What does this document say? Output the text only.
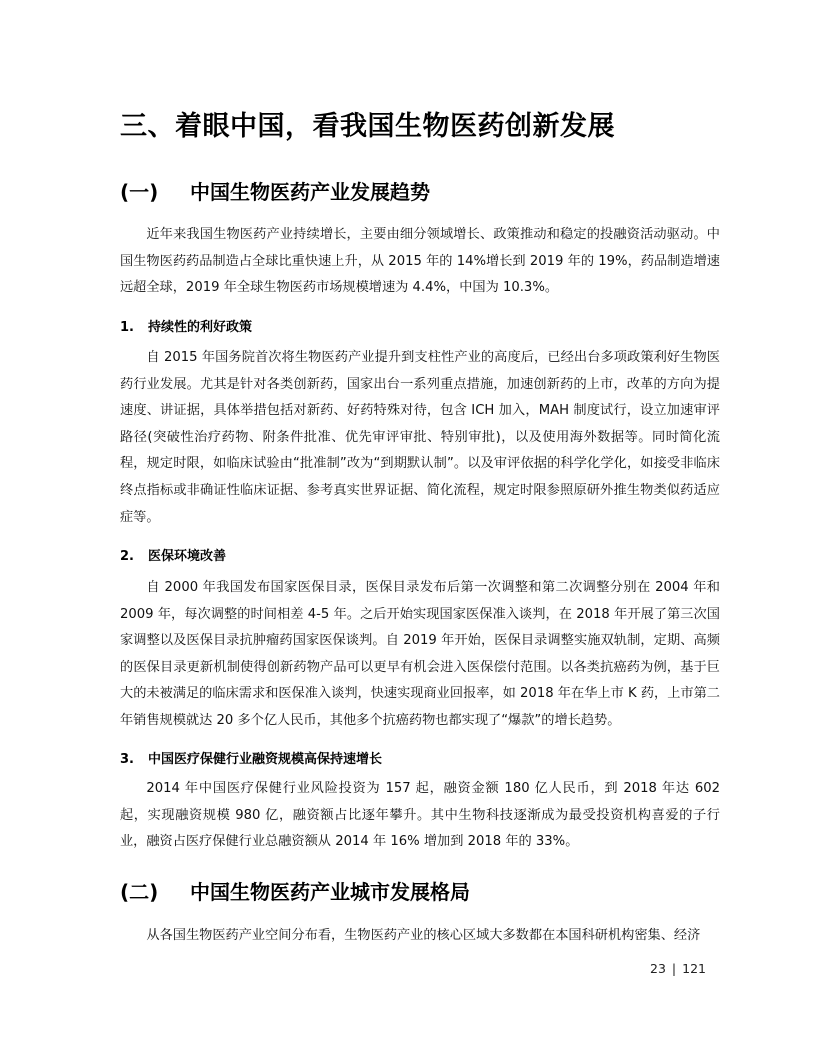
三、着眼中国，看我国生物医药创新发展
(一) 中国生物医药产业发展趋势

近年来我国生物医药产业持续增长，主要由细分领域增长、政策推动和稳定的投融资活动驱动。中国生物医药药品制造占全球比重快速上升，从 2015 年的 14%增长到 2019 年的 19%，药品制造增速远超全球，2019 年全球生物医药市场规模增速为 4.4%，中国为 10.3%。

1. 持续性的利好政策

自 2015 年国务院首次将生物医药产业提升到支柱性产业的高度后，已经出台多项政策利好生物医药行业发展。尤其是针对各类创新药，国家出台一系列重点措施，加速创新药的上市，改革的方向为提速度、讲证据，具体举措包括对新药、好药特殊对待，包含 ICH 加入，MAH 制度试行，设立加速审评路径(突破性治疗药物、附条件批准、优先审评审批、特别审批)，以及使用海外数据等。同时简化流程，规定时限，如临床试验由“批准制”改为“到期默认制”。以及审评依据的科学化学化，如接受非临床终点指标或非确证性临床证据、参考真实世界证据、简化流程，规定时限参照原研外推生物类似药适应症等。

2. 医保环境改善

自 2000 年我国发布国家医保目录，医保目录发布后第一次调整和第二次调整分别在 2004 年和 2009 年，每次调整的时间相差 4-5 年。之后开始实现国家医保准入谈判，在 2018 年开展了第三次国家调整以及医保目录抗肿瘤药国家医保谈判。自 2019 年开始，医保目录调整实施双轨制，定期、高频的医保目录更新机制使得创新药物产品可以更早有机会进入医保偿付范围。以各类抗癌药为例，基于巨大的未被满足的临床需求和医保准入谈判，快速实现商业回报率，如 2018 年在华上市 K 药，上市第二年销售规模就达 20 多个亿人民币，其他多个抗癌药物也都实现了“爆款”的增长趋势。

3. 中国医疗保健行业融资规模高保持速增长

2014 年中国医疗保健行业风险投资为 157 起，融资金额 180 亿人民币，到 2018 年达 602 起，实现融资规模 980 亿，融资额占比逐年攀升。其中生物科技逐渐成为最受投资机构喜爱的子行业，融资占医疗保健行业总融资额从 2014 年 16% 增加到 2018 年的 33%。

(二) 中国生物医药产业城市发展格局

从各国生物医药产业空间分布看，生物医药产业的核心区域大多数都在本国科研机构密集、经济

23 | 121
